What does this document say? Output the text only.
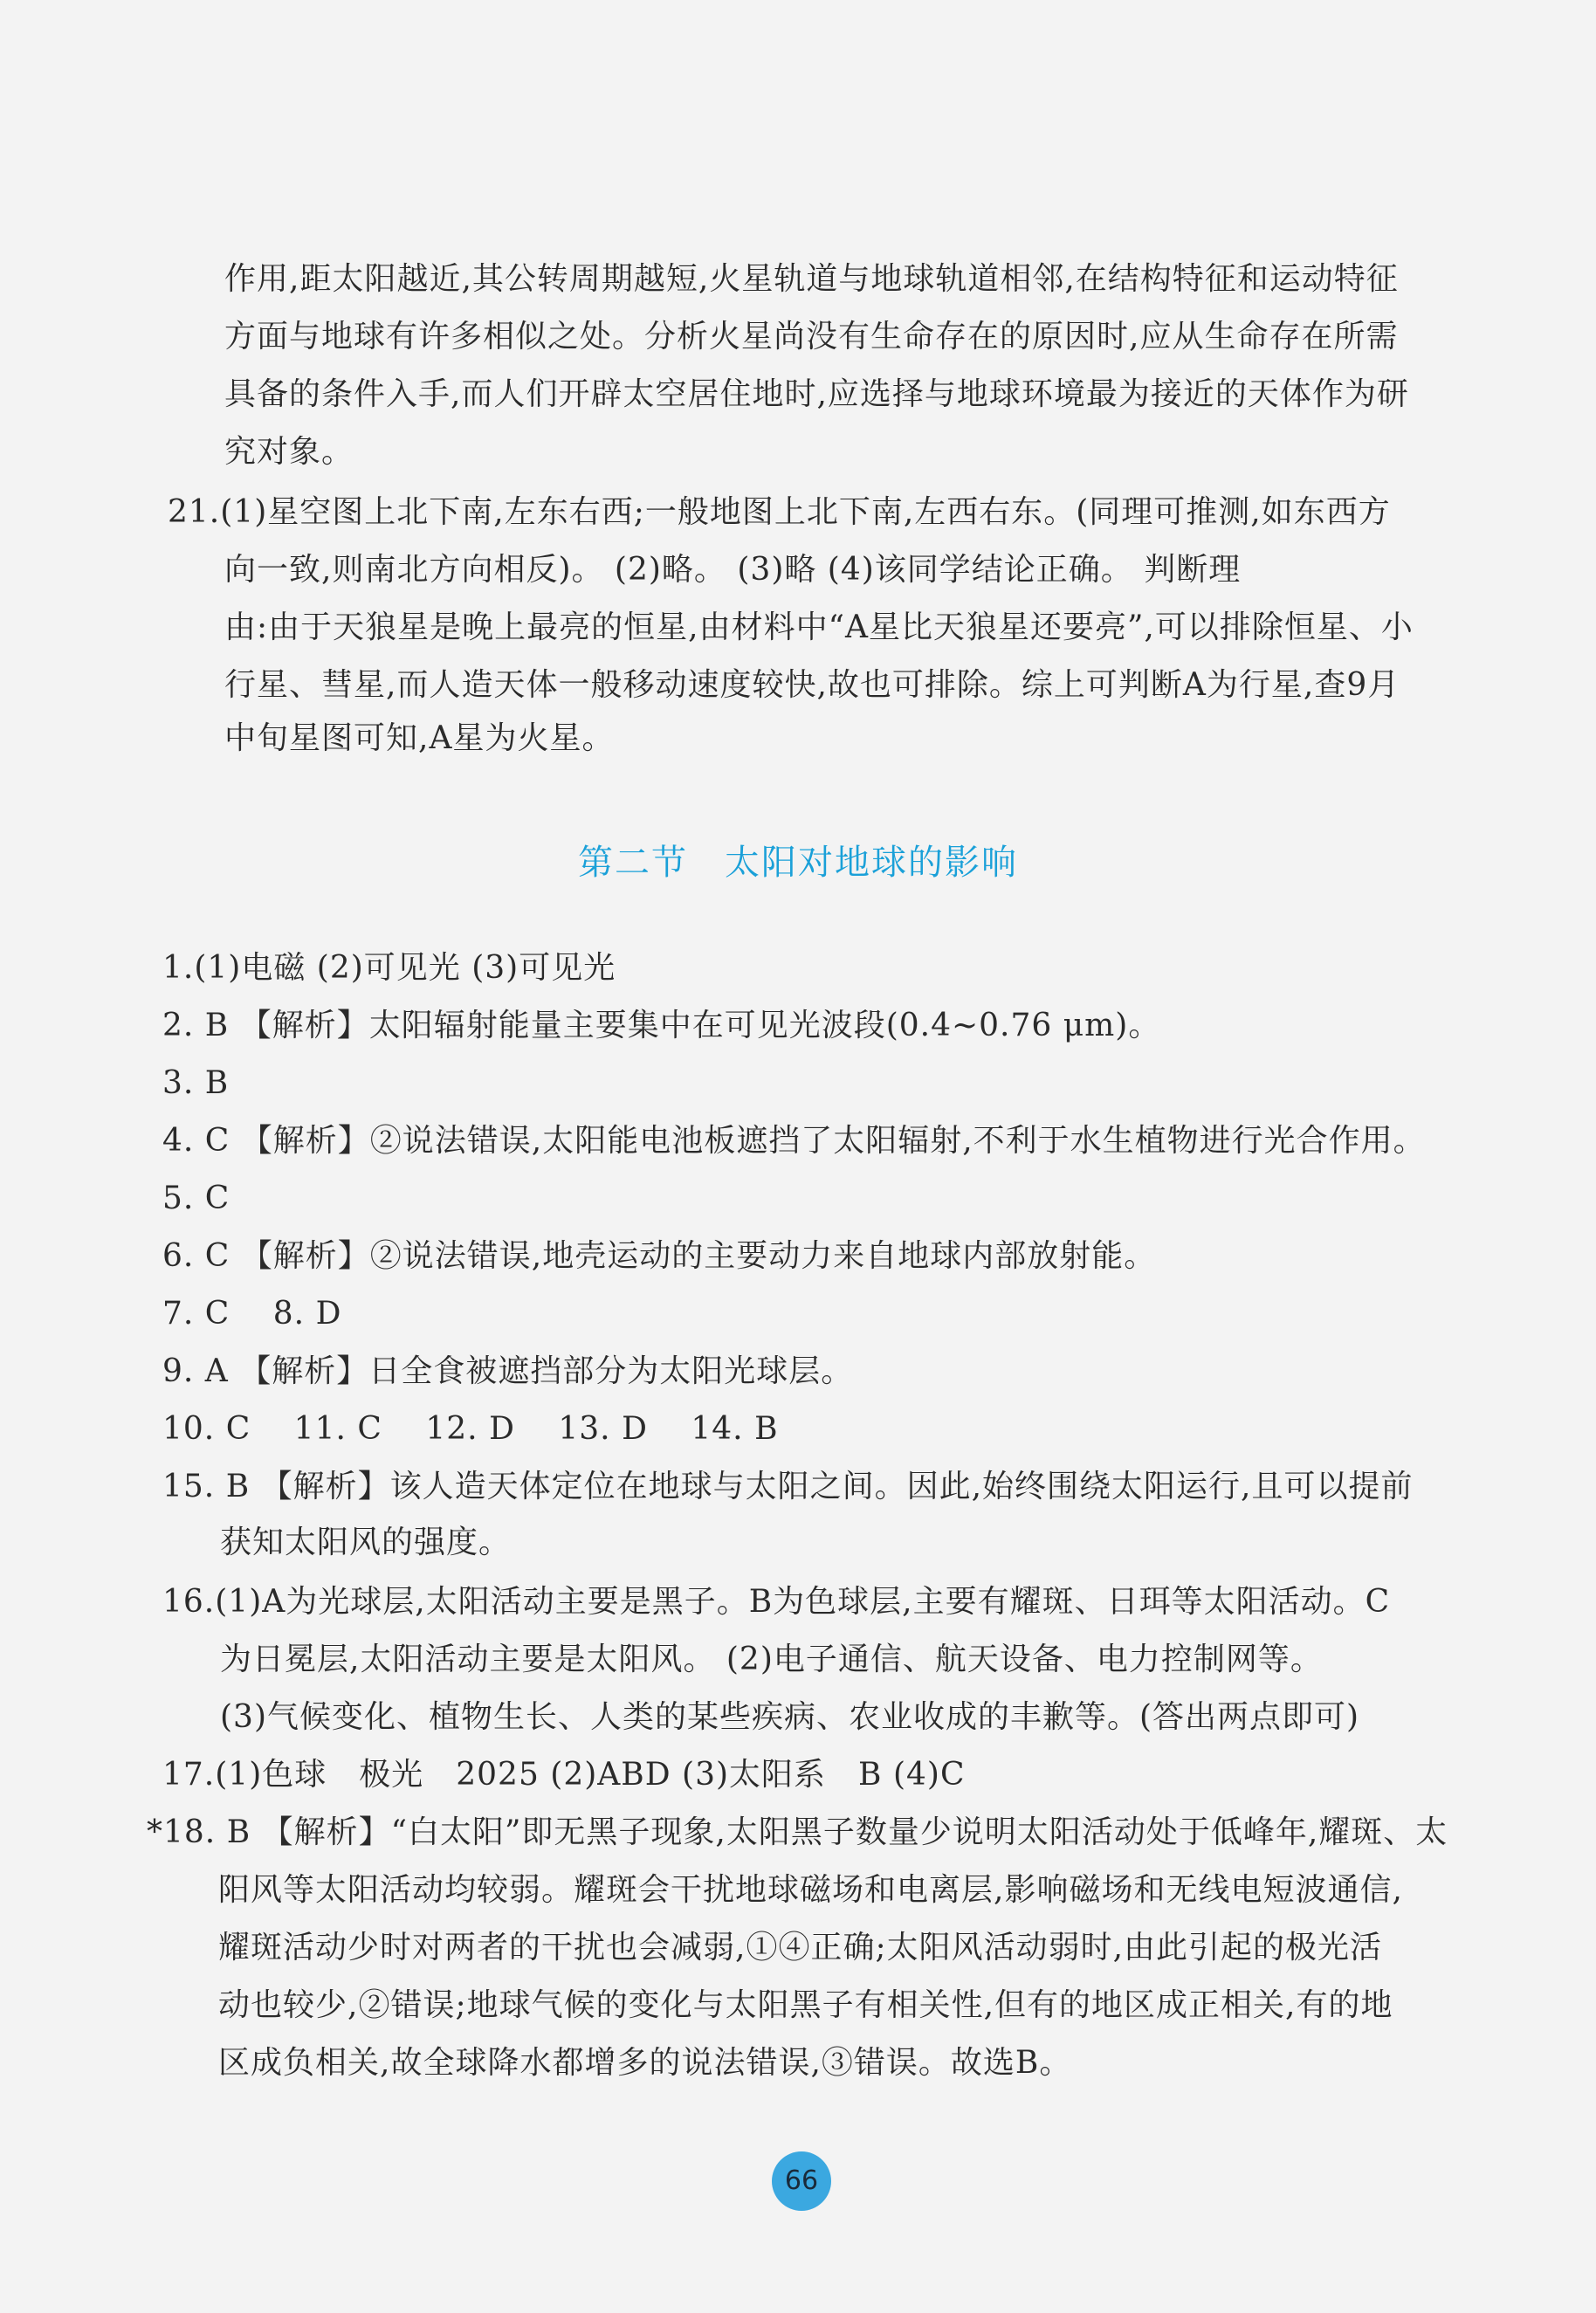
作用,距太阳越近,其公转周期越短,火星轨道与地球轨道相邻,在结构特征和运动特征
方面与地球有许多相似之处。分析火星尚没有生命存在的原因时,应从生命存在所需
具备的条件入手,而人们开辟太空居住地时,应选择与地球环境最为接近的天体作为研
究对象。
21.(1)星空图上北下南,左东右西;一般地图上北下南,左西右东。(同理可推测,如东西方
向一致,则南北方向相反)。 (2)略。 (3)略 (4)该同学结论正确。 判断理
由:由于天狼星是晚上最亮的恒星,由材料中“A星比天狼星还要亮”,可以排除恒星、小
行星、彗星,而人造天体一般移动速度较快,故也可排除。综上可判断A为行星,查9月
中旬星图可知,A星为火星。
第二节　太阳对地球的影响
1.(1)电磁 (2)可见光 (3)可见光
2. B 【解析】太阳辐射能量主要集中在可见光波段(0.4~0.76 μm)。
3. B
4. C 【解析】②说法错误,太阳能电池板遮挡了太阳辐射,不利于水生植物进行光合作用。
5. C
6. C 【解析】②说法错误,地壳运动的主要动力来自地球内部放射能。
7. C　 8. D
9. A 【解析】日全食被遮挡部分为太阳光球层。
10. C　 11. C　 12. D　 13. D　 14. B
15. B 【解析】该人造天体定位在地球与太阳之间。因此,始终围绕太阳运行,且可以提前
获知太阳风的强度。
16.(1)A为光球层,太阳活动主要是黑子。B为色球层,主要有耀斑、日珥等太阳活动。C
为日冕层,太阳活动主要是太阳风。 (2)电子通信、航天设备、电力控制网等。
(3)气候变化、植物生长、人类的某些疾病、农业收成的丰歉等。(答出两点即可)
17.(1)色球　极光　2025 (2)ABD (3)太阳系　B (4)C
*18. B 【解析】“白太阳”即无黑子现象,太阳黑子数量少说明太阳活动处于低峰年,耀斑、太
阳风等太阳活动均较弱。耀斑会干扰地球磁场和电离层,影响磁场和无线电短波通信,
耀斑活动少时对两者的干扰也会减弱,①④正确;太阳风活动弱时,由此引起的极光活
动也较少,②错误;地球气候的变化与太阳黑子有相关性,但有的地区成正相关,有的地
区成负相关,故全球降水都增多的说法错误,③错误。故选B。
66
